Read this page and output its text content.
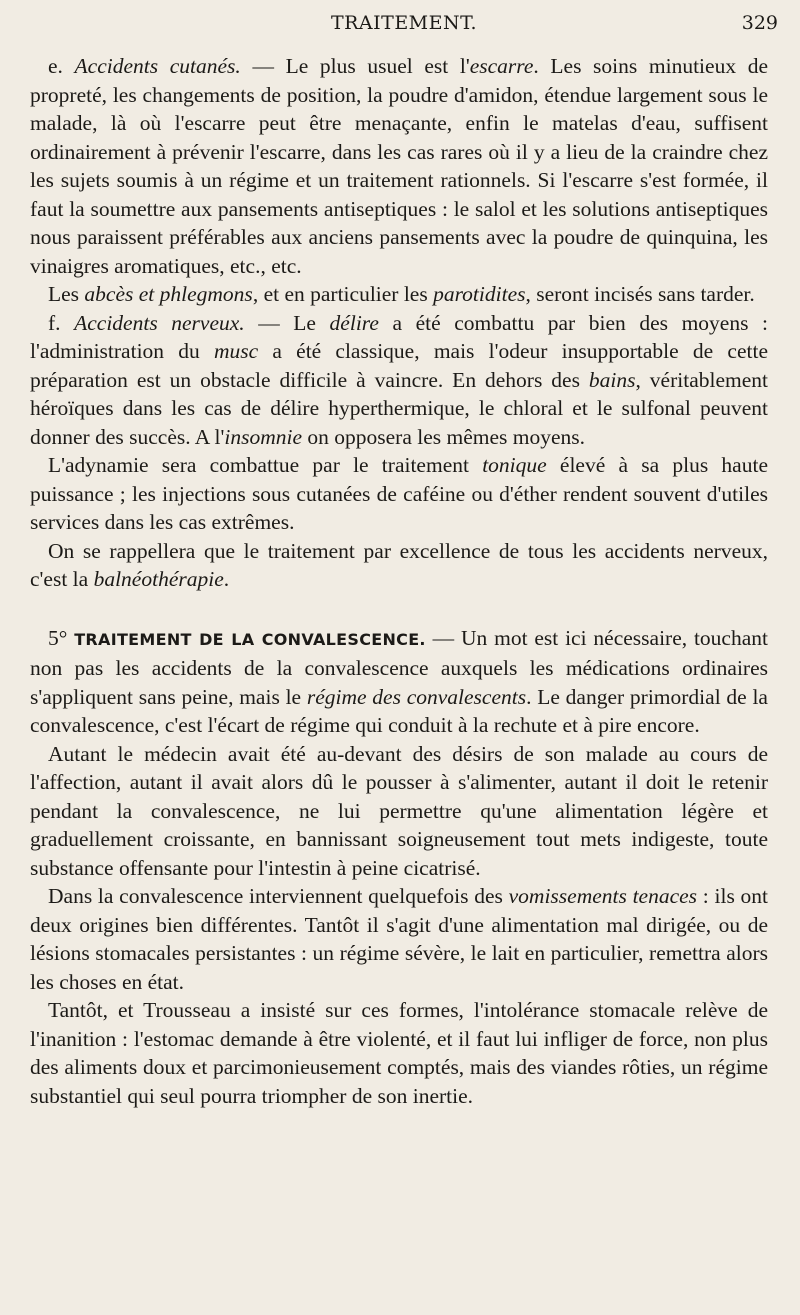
TRAITEMENT.	329

e. Accidents cutanés. — Le plus usuel est l'escarre. Les soins minutieux de propreté, les changements de position, la poudre d'amidon, étendue largement sous le malade, là où l'escarre peut être menaçante, enfin le matelas d'eau, suffisent ordinairement à prévenir l'escarre, dans les cas rares où il y a lieu de la craindre chez les sujets soumis à un régime et un traitement rationnels. Si l'escarre s'est formée, il faut la soumettre aux pansements antiseptiques : le salol et les solutions antiseptiques nous paraissent préférables aux anciens pansements avec la poudre de quinquina, les vinaigres aromatiques, etc., etc.

Les abcès et phlegmons, et en particulier les parotidites, seront incisés sans tarder.

f. Accidents nerveux. — Le délire a été combattu par bien des moyens : l'administration du musc a été classique, mais l'odeur insupportable de cette préparation est un obstacle difficile à vaincre. En dehors des bains, véritablement héroïques dans les cas de délire hyperthermique, le chloral et le sulfonal peuvent donner des succès. A l'insomnie on opposera les mêmes moyens.

L'adynamie sera combattue par le traitement tonique élevé à sa plus haute puissance ; les injections sous cutanées de caféine ou d'éther rendent souvent d'utiles services dans les cas extrêmes.

On se rappellera que le traitement par excellence de tous les accidents nerveux, c'est la balnéothérapie.

5° TRAITEMENT DE LA CONVALESCENCE. — Un mot est ici nécessaire, touchant non pas les accidents de la convalescence auxquels les médications ordinaires s'appliquent sans peine, mais le régime des convalescents. Le danger primordial de la convalescence, c'est l'écart de régime qui conduit à la rechute et à pire encore.

Autant le médecin avait été au-devant des désirs de son malade au cours de l'affection, autant il avait alors dû le pousser à s'alimenter, autant il doit le retenir pendant la convalescence, ne lui permettre qu'une alimentation légère et graduellement croissante, en bannissant soigneusement tout mets indigeste, toute substance offensante pour l'intestin à peine cicatrisé.

Dans la convalescence interviennent quelquefois des vomissements tenaces : ils ont deux origines bien différentes. Tantôt il s'agit d'une alimentation mal dirigée, ou de lésions stomacales persistantes : un régime sévère, le lait en particulier, remettra alors les choses en état.

Tantôt, et Trousseau a insisté sur ces formes, l'intolérance stomacale relève de l'inanition : l'estomac demande à être violenté, et il faut lui infliger de force, non plus des aliments doux et parcimonieusement comptés, mais des viandes rôties, un régime substantiel qui seul pourra triompher de son inertie.
